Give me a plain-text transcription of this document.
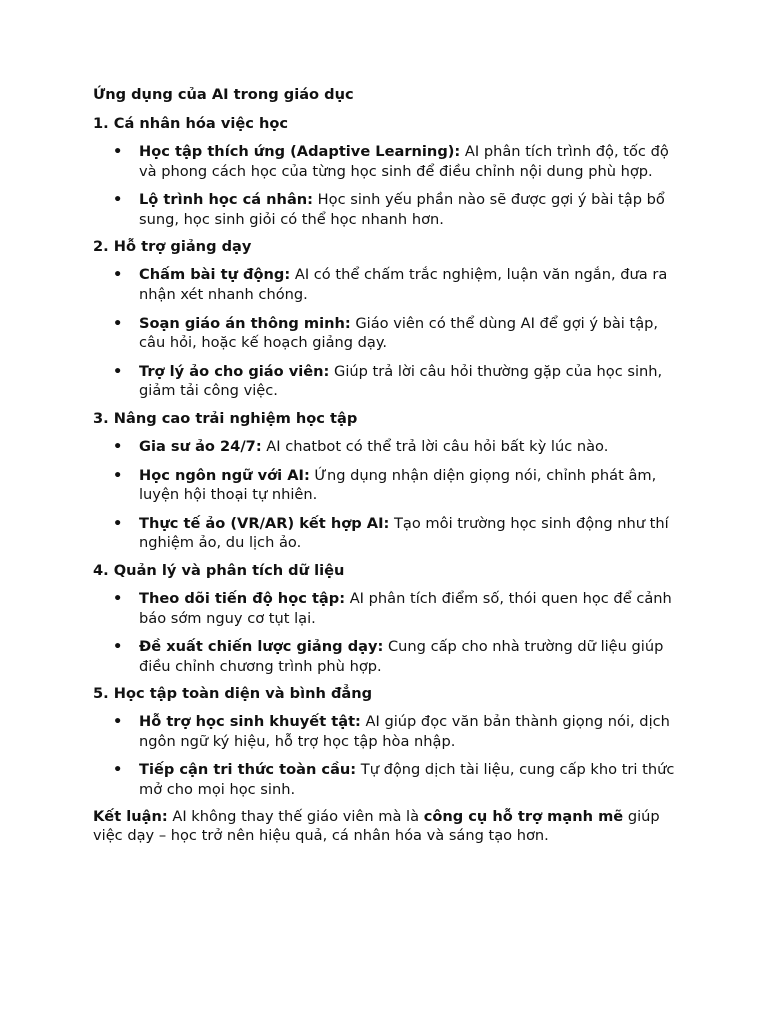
Ứng dụng của AI trong giáo dục
1. Cá nhân hóa việc học
• Học tập thích ứng (Adaptive Learning): AI phân tích trình độ, tốc độ và phong cách học của từng học sinh để điều chỉnh nội dung phù hợp.
• Lộ trình học cá nhân: Học sinh yếu phần nào sẽ được gợi ý bài tập bổ sung, học sinh giỏi có thể học nhanh hơn.
2. Hỗ trợ giảng dạy
• Chấm bài tự động: AI có thể chấm trắc nghiệm, luận văn ngắn, đưa ra nhận xét nhanh chóng.
• Soạn giáo án thông minh: Giáo viên có thể dùng AI để gợi ý bài tập, câu hỏi, hoặc kế hoạch giảng dạy.
• Trợ lý ảo cho giáo viên: Giúp trả lời câu hỏi thường gặp của học sinh, giảm tải công việc.
3. Nâng cao trải nghiệm học tập
• Gia sư ảo 24/7: AI chatbot có thể trả lời câu hỏi bất kỳ lúc nào.
• Học ngôn ngữ với AI: Ứng dụng nhận diện giọng nói, chỉnh phát âm, luyện hội thoại tự nhiên.
• Thực tế ảo (VR/AR) kết hợp AI: Tạo môi trường học sinh động như thí nghiệm ảo, du lịch ảo.
4. Quản lý và phân tích dữ liệu
• Theo dõi tiến độ học tập: AI phân tích điểm số, thói quen học để cảnh báo sớm nguy cơ tụt lại.
• Đề xuất chiến lược giảng dạy: Cung cấp cho nhà trường dữ liệu giúp điều chỉnh chương trình phù hợp.
5. Học tập toàn diện và bình đẳng
• Hỗ trợ học sinh khuyết tật: AI giúp đọc văn bản thành giọng nói, dịch ngôn ngữ ký hiệu, hỗ trợ học tập hòa nhập.
• Tiếp cận tri thức toàn cầu: Tự động dịch tài liệu, cung cấp kho tri thức mở cho mọi học sinh.

Kết luận: AI không thay thế giáo viên mà là công cụ hỗ trợ mạnh mẽ giúp việc dạy – học trở nên hiệu quả, cá nhân hóa và sáng tạo hơn.
